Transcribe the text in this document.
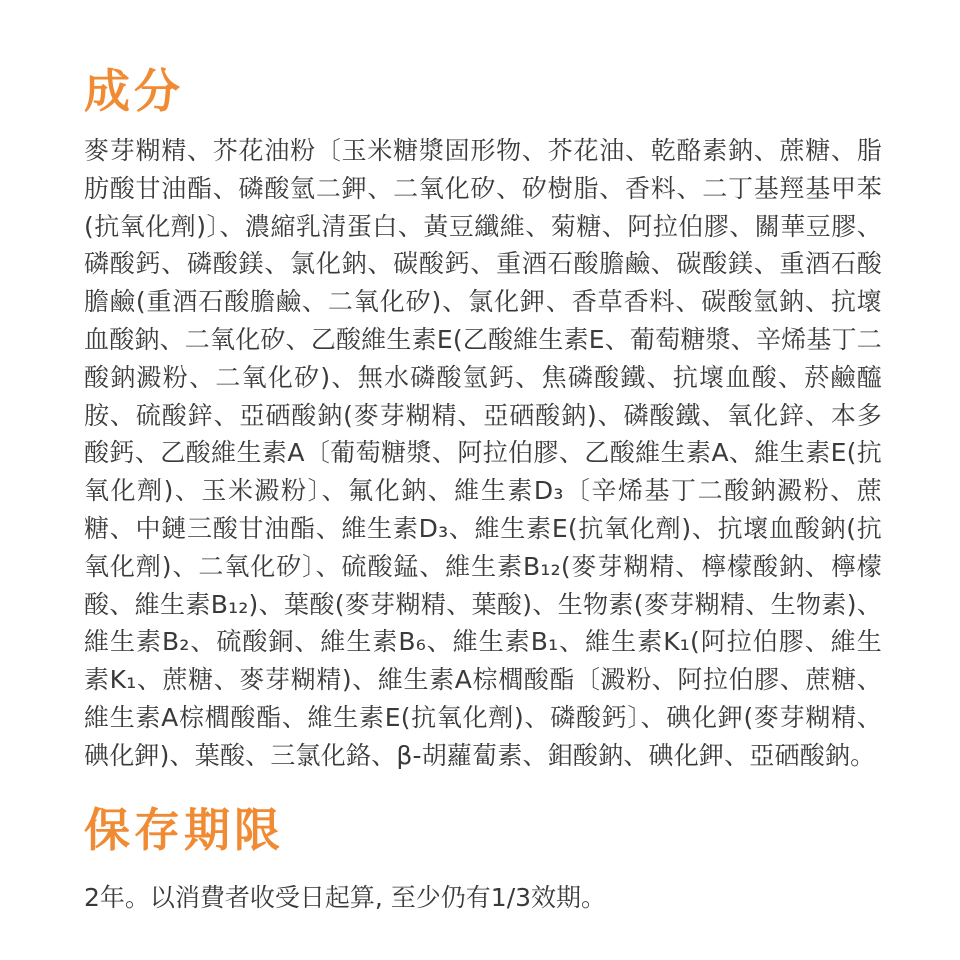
成分

麥芽糊精、芥花油粉〔玉米糖漿固形物、芥花油、乾酪素鈉、蔗糖、脂肪酸甘油酯、磷酸氫二鉀、二氧化矽、矽樹脂、香料、二丁基羥基甲苯(抗氧化劑)〕、濃縮乳清蛋白、黃豆纖維、菊糖、阿拉伯膠、關華豆膠、磷酸鈣、磷酸鎂、氯化鈉、碳酸鈣、重酒石酸膽鹼、碳酸鎂、重酒石酸膽鹼(重酒石酸膽鹼、二氧化矽)、氯化鉀、香草香料、碳酸氫鈉、抗壞血酸鈉、二氧化矽、乙酸維生素E(乙酸維生素E、葡萄糖漿、辛烯基丁二酸鈉澱粉、二氧化矽)、無水磷酸氫鈣、焦磷酸鐵、抗壞血酸、菸鹼醯胺、硫酸鋅、亞硒酸鈉(麥芽糊精、亞硒酸鈉)、磷酸鐵、氧化鋅、本多酸鈣、乙酸維生素A〔葡萄糖漿、阿拉伯膠、乙酸維生素A、維生素E(抗氧化劑)、玉米澱粉〕、氟化鈉、維生素D₃〔辛烯基丁二酸鈉澱粉、蔗糖、中鏈三酸甘油酯、維生素D₃、維生素E(抗氧化劑)、抗壞血酸鈉(抗氧化劑)、二氧化矽〕、硫酸錳、維生素B₁₂(麥芽糊精、檸檬酸鈉、檸檬酸、維生素B₁₂)、葉酸(麥芽糊精、葉酸)、生物素(麥芽糊精、生物素)、維生素B₂、硫酸銅、維生素B₆、維生素B₁、維生素K₁(阿拉伯膠、維生素K₁、蔗糖、麥芽糊精)、維生素A棕櫚酸酯〔澱粉、阿拉伯膠、蔗糖、維生素A棕櫚酸酯、維生素E(抗氧化劑)、磷酸鈣〕、碘化鉀(麥芽糊精、碘化鉀)、葉酸、三氯化鉻、β-胡蘿蔔素、鉬酸鈉、碘化鉀、亞硒酸鈉。

保存期限

2年。以消費者收受日起算, 至少仍有1/3效期。
